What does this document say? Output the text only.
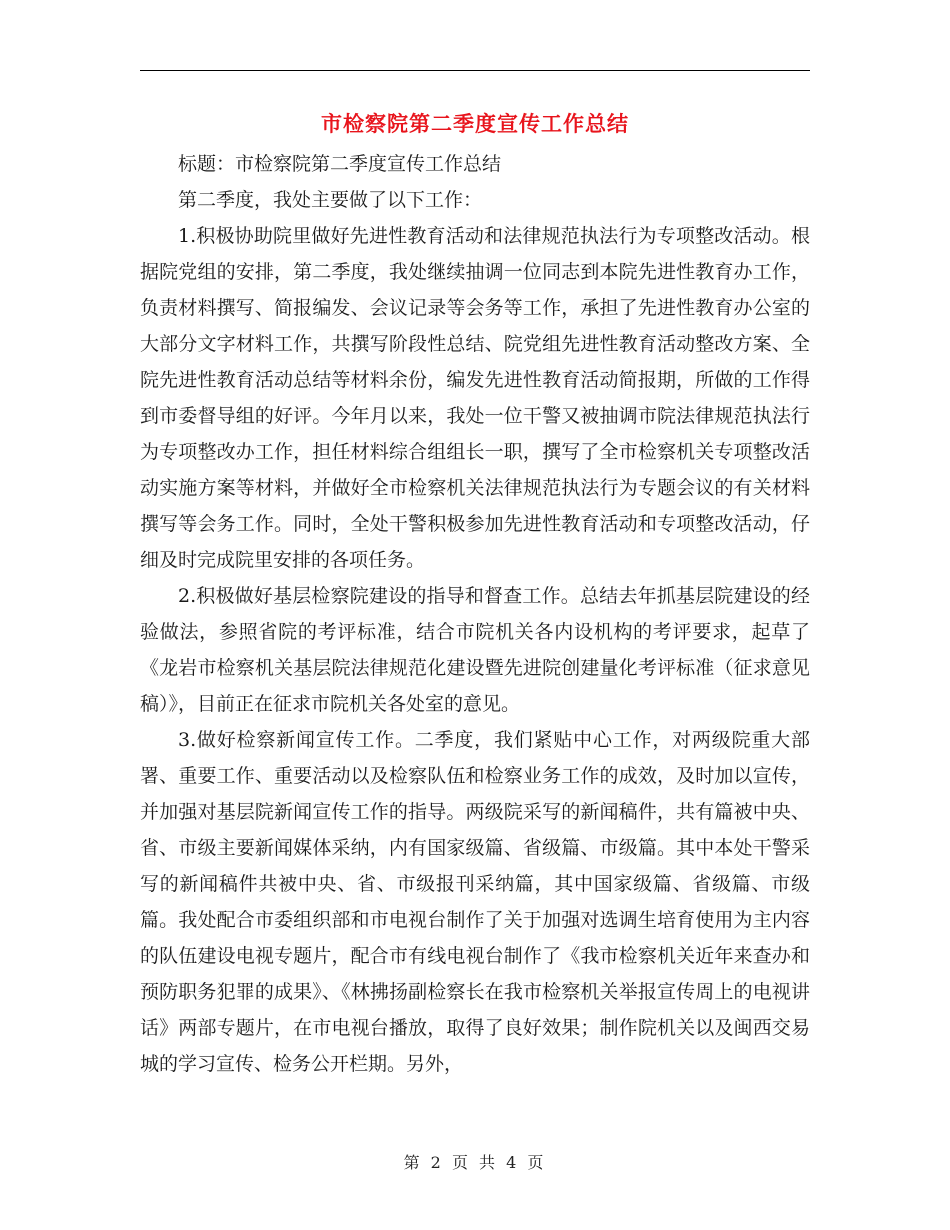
市检察院第二季度宣传工作总结

标题：市检察院第二季度宣传工作总结

第二季度，我处主要做了以下工作：

1.积极协助院里做好先进性教育活动和法律规范执法行为专项整改活动。根据院党组的安排，第二季度，我处继续抽调一位同志到本院先进性教育办工作，负责材料撰写、简报编发、会议记录等会务等工作，承担了先进性教育办公室的大部分文字材料工作，共撰写阶段性总结、院党组先进性教育活动整改方案、全院先进性教育活动总结等材料余份，编发先进性教育活动简报期，所做的工作得到市委督导组的好评。今年月以来，我处一位干警又被抽调市院法律规范执法行为专项整改办工作，担任材料综合组组长一职，撰写了全市检察机关专项整改活动实施方案等材料，并做好全市检察机关法律规范执法行为专题会议的有关材料撰写等会务工作。同时，全处干警积极参加先进性教育活动和专项整改活动，仔细及时完成院里安排的各项任务。

2.积极做好基层检察院建设的指导和督查工作。总结去年抓基层院建设的经验做法，参照省院的考评标准，结合市院机关各内设机构的考评要求，起草了《龙岩市检察机关基层院法律规范化建设暨先进院创建量化考评标准（征求意见稿）》，目前正在征求市院机关各处室的意见。

3.做好检察新闻宣传工作。二季度，我们紧贴中心工作，对两级院重大部署、重要工作、重要活动以及检察队伍和检察业务工作的成效，及时加以宣传，并加强对基层院新闻宣传工作的指导。两级院采写的新闻稿件，共有篇被中央、省、市级主要新闻媒体采纳，内有国家级篇、省级篇、市级篇。其中本处干警采写的新闻稿件共被中央、省、市级报刊采纳篇，其中国家级篇、省级篇、市级篇。我处配合市委组织部和市电视台制作了关于加强对选调生培育使用为主内容的队伍建设电视专题片，配合市有线电视台制作了《我市检察机关近年来查办和预防职务犯罪的成果》、《林拂扬副检察长在我市检察机关举报宣传周上的电视讲话》两部专题片，在市电视台播放，取得了良好效果；制作院机关以及闽西交易城的学习宣传、检务公开栏期。另外，

第 2 页 共 4 页
